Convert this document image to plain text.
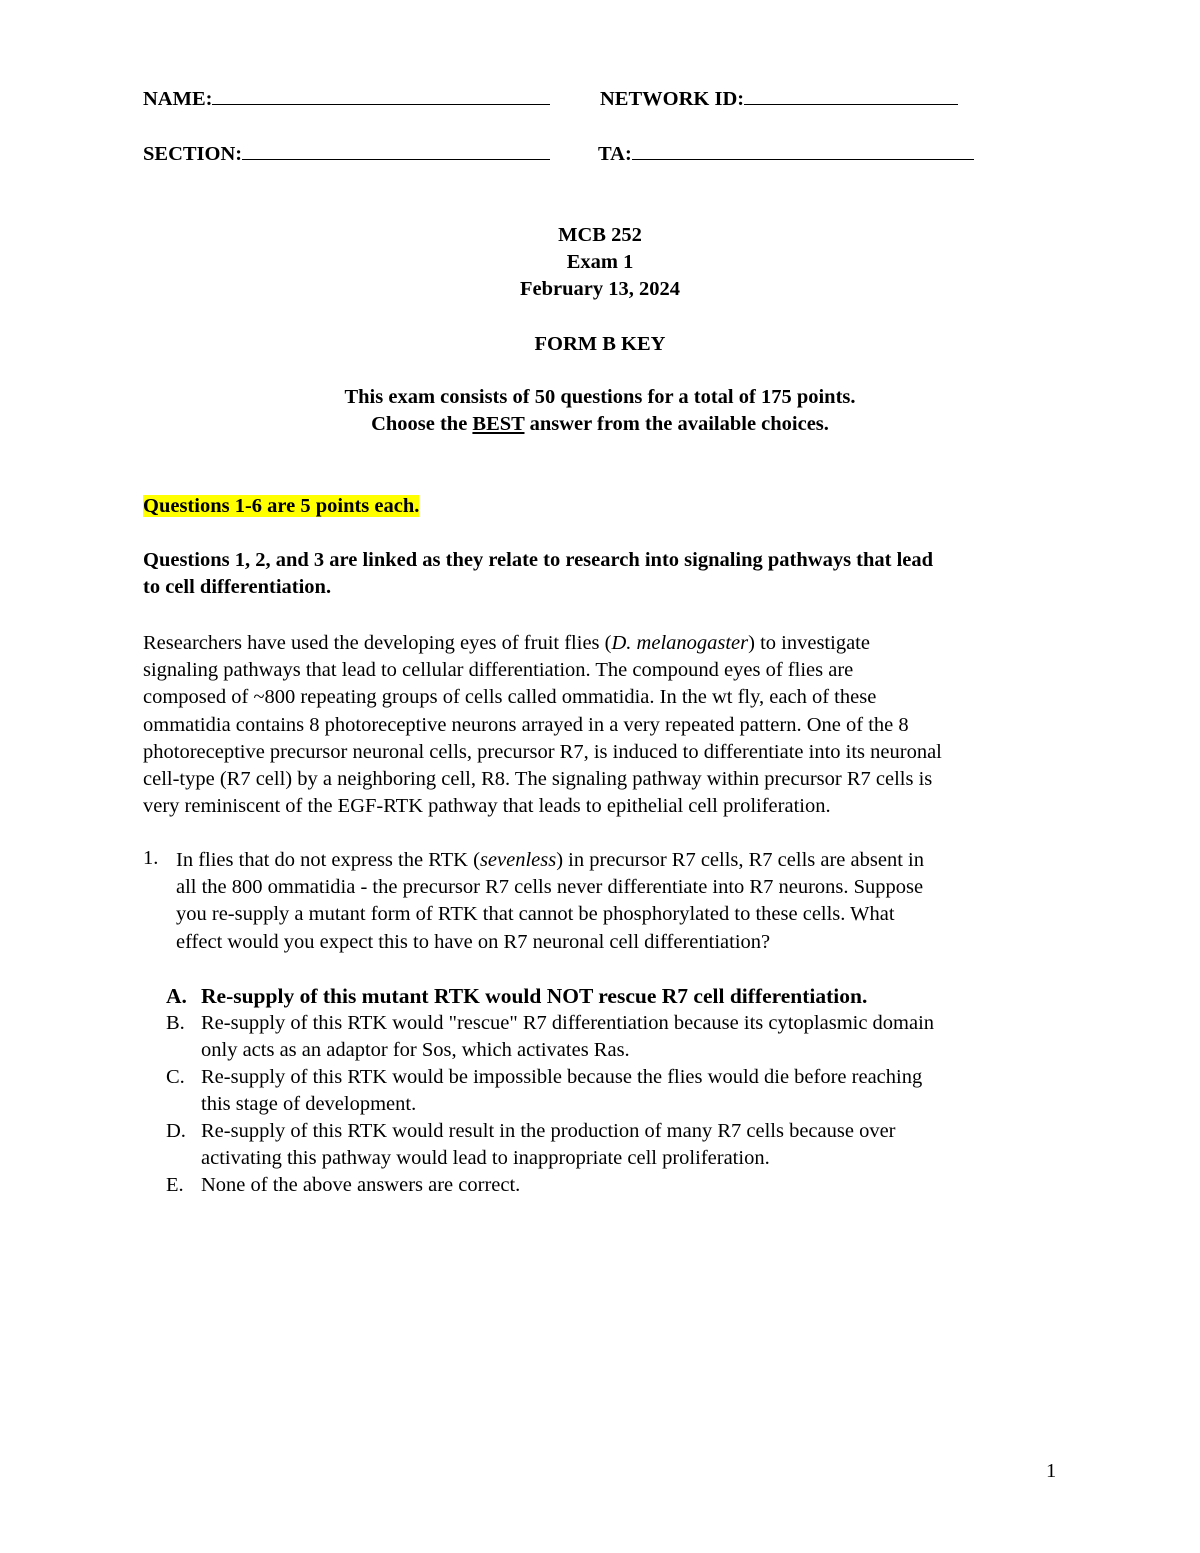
NAME:	NETWORK ID:
SECTION:	TA:
MCB 252
Exam 1
February 13, 2024
FORM B KEY
This exam consists of 50 questions for a total of 175 points.
Choose the BEST answer from the available choices.
Questions 1-6 are 5 points each.
Questions 1, 2, and 3 are linked as they relate to research into signaling pathways that lead
to cell differentiation.
Researchers have used the developing eyes of fruit flies (D. melanogaster) to investigate
signaling pathways that lead to cellular differentiation. The compound eyes of flies are
composed of ~800 repeating groups of cells called ommatidia. In the wt fly, each of these
ommatidia contains 8 photoreceptive neurons arrayed in a very repeated pattern. One of the 8
photoreceptive precursor neuronal cells, precursor R7, is induced to differentiate into its neuronal
cell-type (R7 cell) by a neighboring cell, R8. The signaling pathway within precursor R7 cells is
very reminiscent of the EGF-RTK pathway that leads to epithelial cell proliferation.
1. In flies that do not express the RTK (sevenless) in precursor R7 cells, R7 cells are absent in
all the 800 ommatidia - the precursor R7 cells never differentiate into R7 neurons. Suppose
you re-supply a mutant form of RTK that cannot be phosphorylated to these cells. What
effect would you expect this to have on R7 neuronal cell differentiation?
A. Re-supply of this mutant RTK would NOT rescue R7 cell differentiation.
B. Re-supply of this RTK would "rescue" R7 differentiation because its cytoplasmic domain
only acts as an adaptor for Sos, which activates Ras.
C. Re-supply of this RTK would be impossible because the flies would die before reaching
this stage of development.
D. Re-supply of this RTK would result in the production of many R7 cells because over
activating this pathway would lead to inappropriate cell proliferation.
E. None of the above answers are correct.
1
